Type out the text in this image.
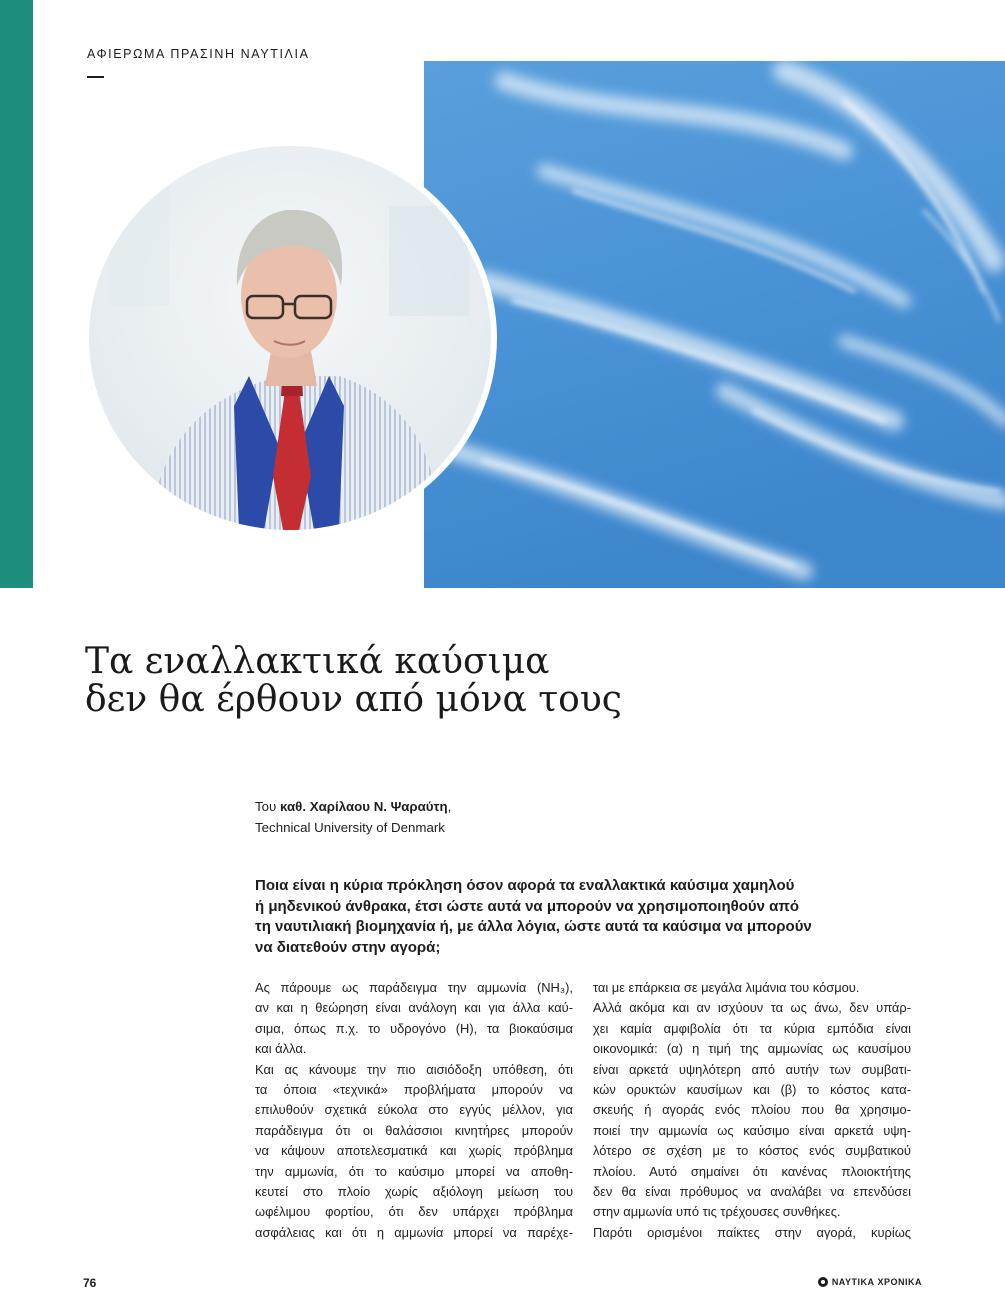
ΑΦΙΕΡΩΜΑ ΠΡΑΣΙΝΗ ΝΑΥΤΙΛΙΑ
Τα εναλλακτικά καύσιμα
δεν θα έρθουν από μόνα τους
Του καθ. Χαρίλαου Ν. Ψαραύτη,
Technical University of Denmark
Ποια είναι η κύρια πρόκληση όσον αφορά τα εναλλακτικά καύσιμα χαμηλού
ή μηδενικού άνθρακα, έτσι ώστε αυτά να μπορούν να χρησιμοποιηθούν από
τη ναυτιλιακή βιομηχανία ή, με άλλα λόγια, ώστε αυτά τα καύσιμα να μπορούν
να διατεθούν στην αγορά;

Ας πάρουμε ως παράδειγμα την αμμωνία (NH₃),
αν και η θεώρηση είναι ανάλογη και για άλλα καύ-
σιμα, όπως π.χ. το υδρογόνο (H), τα βιοκαύσιμα
και άλλα.

Και ας κάνουμε την πιο αισιόδοξη υπόθεση, ότι
τα όποια «τεχνικά» προβλήματα μπορούν να
επιλυθούν σχετικά εύκολα στο εγγύς μέλλον, για
παράδειγμα ότι οι θαλάσσιοι κινητήρες μπορούν
να κάψουν αποτελεσματικά και χωρίς πρόβλημα
την αμμωνία, ότι το καύσιμο μπορεί να αποθη-
κευτεί στο πλοίο χωρίς αξιόλογη μείωση του
ωφέλιμου φορτίου, ότι δεν υπάρχει πρόβλημα
ασφάλειας και ότι η αμμωνία μπορεί να παρέχε-

ται με επάρκεια σε μεγάλα λιμάνια του κόσμου.

Αλλά ακόμα και αν ισχύουν τα ως άνω, δεν υπάρ-
χει καμία αμφιβολία ότι τα κύρια εμπόδια είναι
οικονομικά: (α) η τιμή της αμμωνίας ως καυσίμου
είναι αρκετά υψηλότερη από αυτήν των συμβατι-
κών ορυκτών καυσίμων και (β) το κόστος κατα-
σκευής ή αγοράς ενός πλοίου που θα χρησιμο-
ποιεί την αμμωνία ως καύσιμο είναι αρκετά υψη-
λότερο σε σχέση με το κόστος ενός συμβατικού
πλοίου. Αυτό σημαίνει ότι κανένας πλοιοκτήτης
δεν θα είναι πρόθυμος να αναλάβει να επενδύσει
στην αμμωνία υπό τις τρέχουσες συνθήκες.

Παρότι ορισμένοι παίκτες στην αγορά, κυρίως

76	ΝΑΥΤΙΚΑ ΧΡΟΝΙΚΑ
